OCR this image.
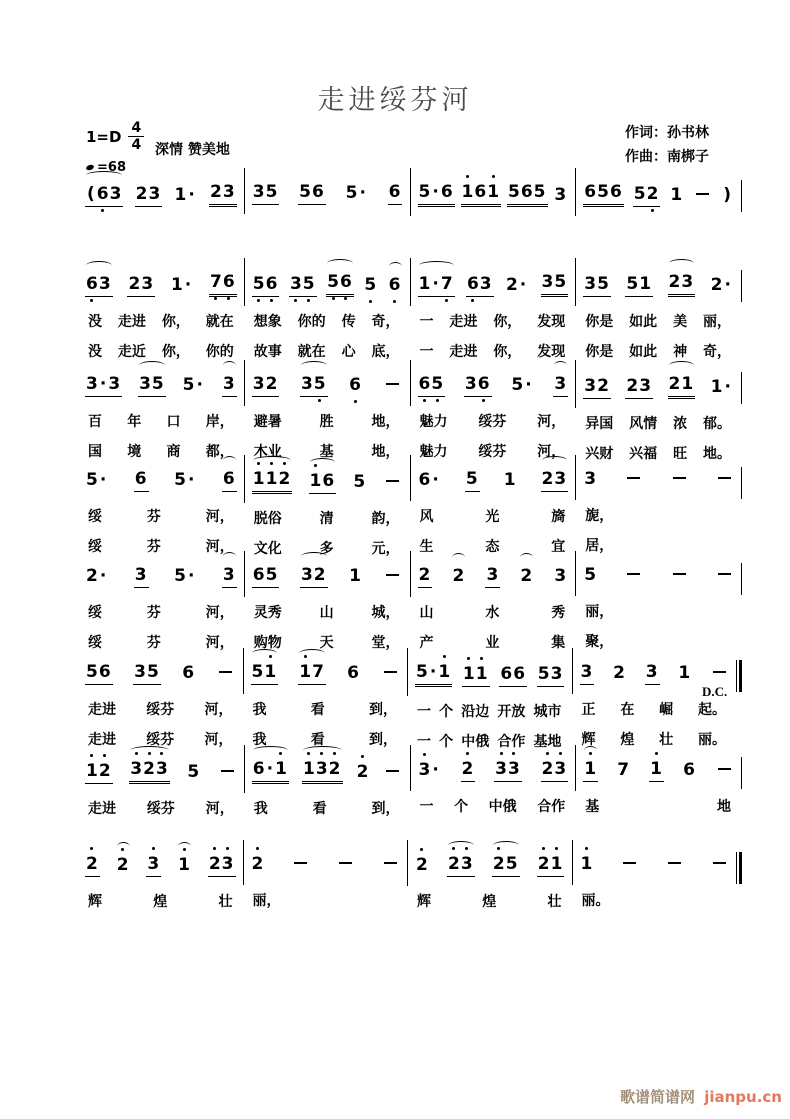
走进绥芬河
$1=D \frac{4}{4}$ 深情 赞美地
=68
作词：孙书林
作曲：南梆子
(6
3 23 1· 23 35 56 5· 6 5·6 1
61 565 3 656 52 1 )
6
3 23 1· 7
6
没 走进 你， 就在
没 走近 你， 你的
5
6 3
5 5
6 5 6
想象 你的 传 奇，
故事 就在 心 底，
1·7 6
3 2· 35
一 走进 你， 发现
一 走进 你， 发现
35 51 23 2·
你是 如此 美 丽，
你是 如此 神 奇，
3·3 35 5· 3
百 年 口 岸，
国 境 商 都，
32 35 6
避暑	胜	地，
木业	基	地，
6
5 36 5· 3
魅力 绥芬 河，
魅力 绥芬 河，
32 23 21 1·
异国 风情 浓 郁。
兴财 兴福 旺 地。
5· 6 5· 6
绥	芬	河，
绥	芬	河，
1
1
2 1
6 5
脱俗	清	韵，
文化	多	元，
6· 5 1 23
风	光	旖
生	态	宜
3
旎，
居，
2· 3 5· 3
绥	芬	河，
绥	芬	河，
65 32 1
灵秀	山	城，
购物	天	堂，
2 2 3 2 3
山	水	秀
产	业	集
5
丽，
聚，
56 35 6
走进 绥芬 河，
走进 绥芬 河，
51 1
7 6
我	看	到，
我	看	到，
5·1 1
1 66 53
一 个 沿边 开放 城市
一 个 中俄 合作 基地
3 2 3 1
正 在 崛 起。
辉 煌 壮 丽。
1
2 3
2
3 5
走进 绥芬 河，
6·1 1
3
2 2
我	看	到，
3
· 2 3
3 2
3
一 个 中俄 合作
1 7 1 6
基	地
2 2 3 1 2
3
辉	煌	壮
2
丽，
2 2
3 2
5 2
1
辉	煌	壮
1
丽。
D.C.
歌谱简谱网 jianpu.cn
